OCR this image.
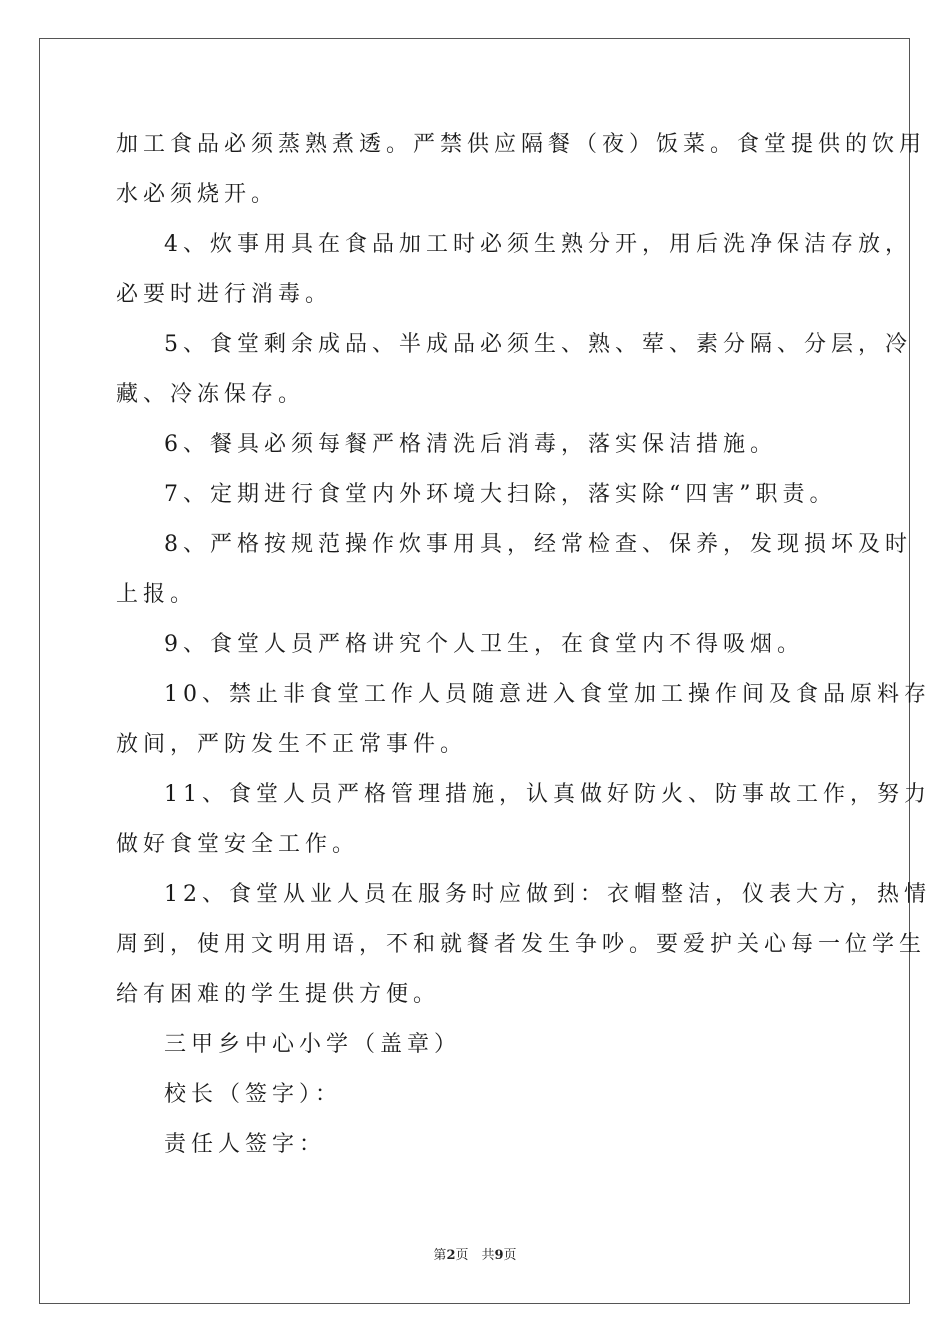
加工食品必须蒸熟煮透。严禁供应隔餐（夜）饭菜。食堂提供的饮用
水必须烧开。
4、炊事用具在食品加工时必须生熟分开，用后洗净保洁存放，
必要时进行消毒。
5、食堂剩余成品、半成品必须生、熟、荤、素分隔、分层，冷
藏、冷冻保存。
6、餐具必须每餐严格清洗后消毒，落实保洁措施。
7、定期进行食堂内外环境大扫除，落实除“四害”职责。
8、严格按规范操作炊事用具，经常检查、保养，发现损坏及时
上报。
9、食堂人员严格讲究个人卫生，在食堂内不得吸烟。
10、禁止非食堂工作人员随意进入食堂加工操作间及食品原料存
放间，严防发生不正常事件。
11、食堂人员严格管理措施，认真做好防火、防事故工作，努力
做好食堂安全工作。
12、食堂从业人员在服务时应做到：衣帽整洁，仪表大方，热情
周到，使用文明用语，不和就餐者发生争吵。要爱护关心每一位学生
给有困难的学生提供方便。
三甲乡中心小学（盖章）
校长（签字）：
责任人签字：
第2页　共9页
